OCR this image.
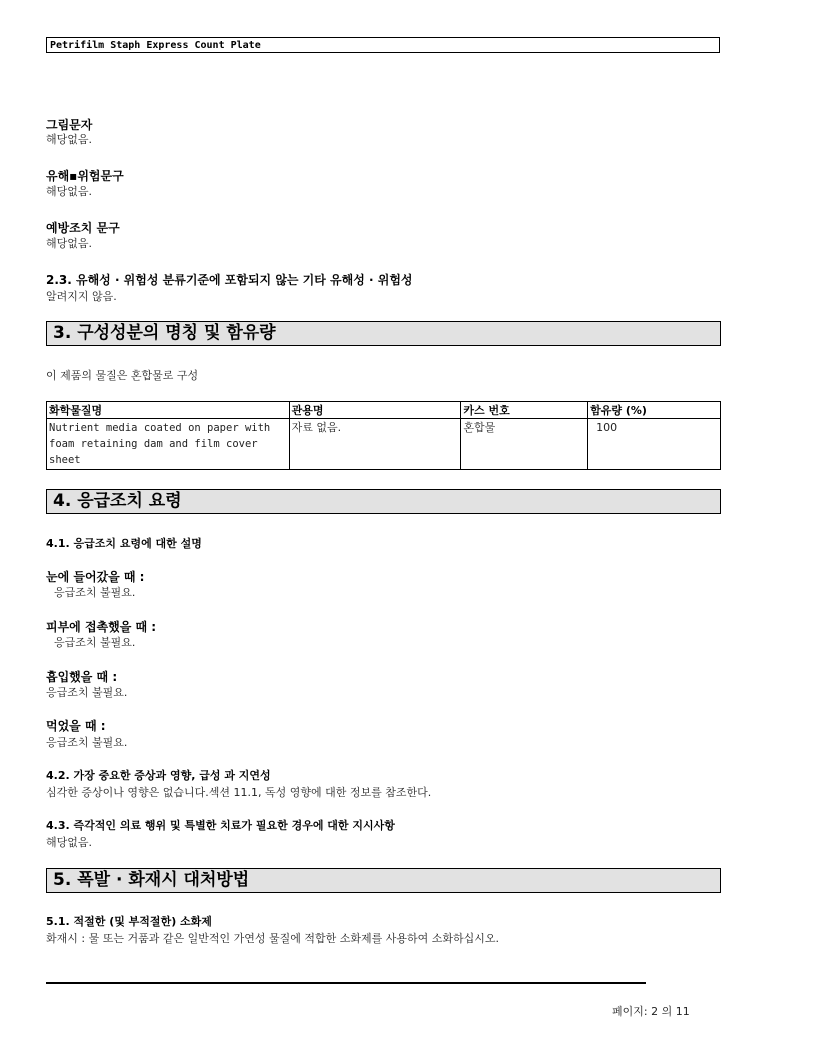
Petrifilm Staph Express Count Plate
그림문자
해당없음.
유해▪위험문구
해당없음.
예방조치 문구
해당없음.
2.3. 유해성 · 위험성 분류기준에 포함되지 않는 기타 유해성 · 위험성
알려지지 않음.
3. 구성성분의 명칭 및 함유량
이 제품의 물질은 혼합물로 구성
화학물질명	관용명	카스 번호	함유량 (%)

Nutrient media coated on paper with
foam retaining dam and film cover
sheet	자료 없음.	혼합물	100
4. 응급조치 요령
4.1. 응급조치 요령에 대한 설명
눈에 들어갔을 때 :
응급조치 불필요.
피부에 접촉했을 때 :
응급조치 불필요.
흡입했을 때 :
응급조치 불필요.
먹었을 때 :
응급조치 불필요.
4.2. 가장 중요한 증상과 영향, 급성 과 지연성
심각한 증상이나 영향은 없습니다.섹션 11.1, 독성 영향에 대한 정보를 참조한다.
4.3. 즉각적인 의료 행위 및 특별한 치료가 필요한 경우에 대한 지시사항
해당없음.
5. 폭발 · 화재시 대처방법
5.1. 적절한 (및 부적절한) 소화제
화재시 : 물 또는 거품과 같은 일반적인 가연성 물질에 적합한 소화제를 사용하여 소화하십시오.
페이지: 2 의 11
